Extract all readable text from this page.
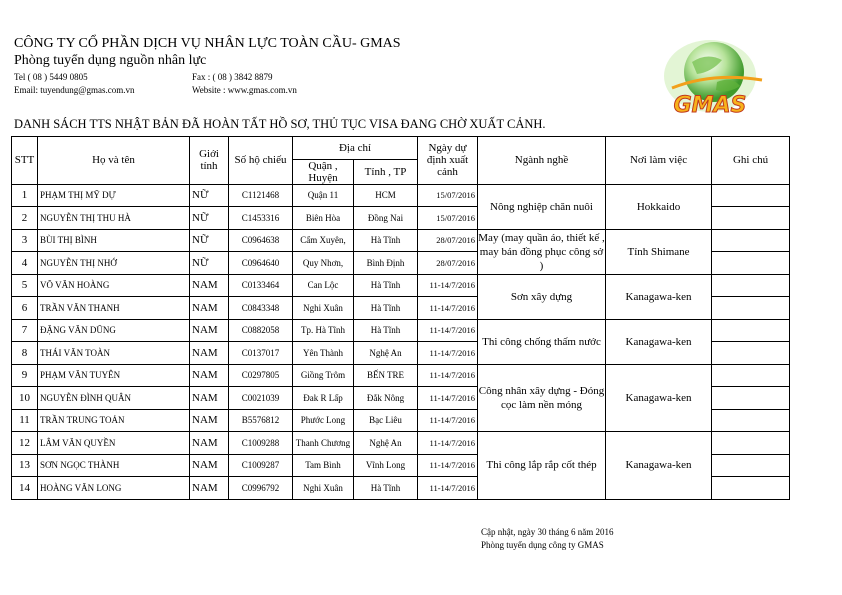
CÔNG TY CỔ PHẦN DỊCH VỤ NHÂN LỰC TOÀN CẦU- GMAS
Phòng tuyển dụng nguồn nhân lực
Tel ( 08 ) 5449 0805	Fax : ( 08 ) 3842 8879
Email: tuyendung@gmas.com.vn	Website : www.gmas.com.vn
GMAS
DANH SÁCH TTS NHẬT BẢN ĐÃ HOÀN TẤT HỒ SƠ, THỦ TỤC VISA ĐANG CHỜ XUẤT CẢNH.
STT	Họ và tên	Giới tính	Số hộ chiếu	Địa chỉ		Ngày dự định xuất cảnh	Ngành nghề	Nơi làm việc	Ghi chú
				Quận , Huyện	Tỉnh , TP				
1	PHẠM THỊ MỸ DỰ	NỮ	C1121468	Quận 11	HCM	15/07/2016	Nông nghiệp chăn nuôi	Hokkaido	
2	NGUYỄN THỊ THU HÀ	NỮ	C1453316	Biên Hòa	Đồng Nai	15/07/2016			
3	BÙI THỊ BÌNH	NỮ	C0964638	Cẩm Xuyên,	Hà Tĩnh	28/07/2016	May (may quần áo, thiết kế , may bán đồng phục công sở )	Tỉnh Shimane	
4	NGUYỄN THỊ NHỚ	NỮ	C0964640	Quy Nhơn,	Bình Định	28/07/2016			
5	VÕ VĂN HOÀNG	NAM	C0133464	Can Lộc	Hà Tĩnh	11-14/7/2016	Sơn xây dựng	Kanagawa-ken	
6	TRẦN VĂN THANH	NAM	C0843348	Nghi Xuân	Hà Tĩnh	11-14/7/2016			
7	ĐẶNG VĂN DŨNG	NAM	C0882058	Tp. Hà Tĩnh	Hà Tĩnh	11-14/7/2016	Thi công chống thấm nước	Kanagawa-ken	
8	THÁI VĂN TOÀN	NAM	C0137017	Yên Thành	Nghệ An	11-14/7/2016			
9	PHẠM VĂN TUYÊN	NAM	C0297805	Giồng Trôm	BẾN TRE	11-14/7/2016	Công nhân xây dựng - Đóng cọc làm nền móng	Kanagawa-ken	
10	NGUYỄN ĐÌNH QUÂN	NAM	C0021039	Đak R Lấp	Đắk Nông	11-14/7/2016			
11	TRẦN TRUNG TOẢN	NAM	B5576812	Phước Long	Bạc Liêu	11-14/7/2016			
12	LÂM VĂN QUYỀN	NAM	C1009288	Thanh Chương	Nghệ An	11-14/7/2016	Thi công lắp rắp cốt thép	Kanagawa-ken	
13	SƠN NGỌC THÀNH	NAM	C1009287	Tam Bình	Vĩnh Long	11-14/7/2016			
14	HOÀNG VĂN LONG	NAM	C0996792	Nghi Xuân	Hà Tĩnh	11-14/7/2016			
Cập nhật, ngày 30 tháng 6 năm 2016
Phòng tuyển dụng công ty GMAS
